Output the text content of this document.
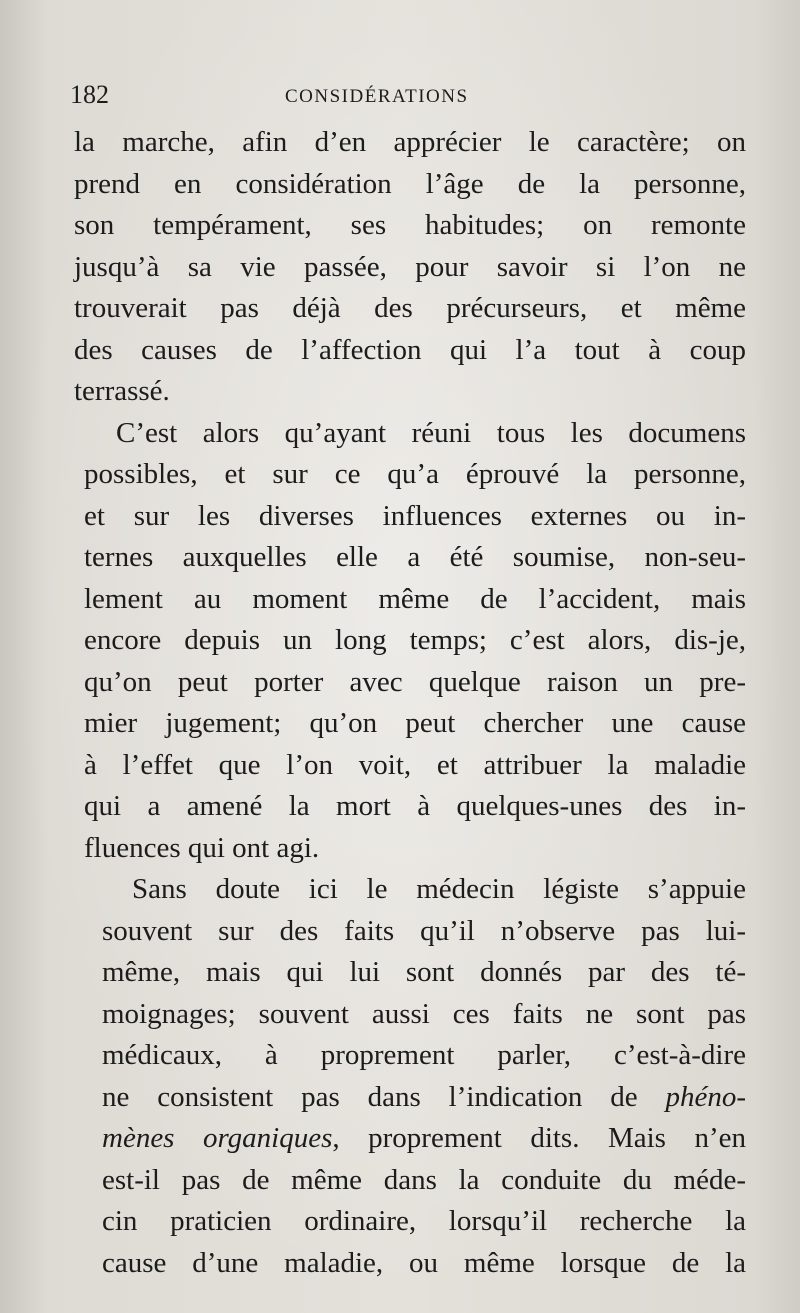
182	CONSIDÉRATIONS
la marche, afin d’en apprécier le caractère; on
prend en considération l’âge de la personne,
son tempérament, ses habitudes; on remonte
jusqu’à sa vie passée, pour savoir si l’on ne
trouverait pas déjà des précurseurs, et même
des causes de l’affection qui l’a tout à coup
terrassé.
C’est alors qu’ayant réuni tous les documens
possibles, et sur ce qu’a éprouvé la personne,
et sur les diverses influences externes ou in-
ternes auxquelles elle a été soumise, non-seu-
lement au moment même de l’accident, mais
encore depuis un long temps; c’est alors, dis-je,
qu’on peut porter avec quelque raison un pre-
mier jugement; qu’on peut chercher une cause
à l’effet que l’on voit, et attribuer la maladie
qui a amené la mort à quelques-unes des in-
fluences qui ont agi.
Sans doute ici le médecin légiste s’appuie
souvent sur des faits qu’il n’observe pas lui-
même, mais qui lui sont donnés par des té-
moignages; souvent aussi ces faits ne sont pas
médicaux, à proprement parler, c’est-à-dire
ne consistent pas dans l’indication de phéno-
mènes organiques, proprement dits. Mais n’en
est-il pas de même dans la conduite du méde-
cin praticien ordinaire, lorsqu’il recherche la
cause d’une maladie, ou même lorsque de la
